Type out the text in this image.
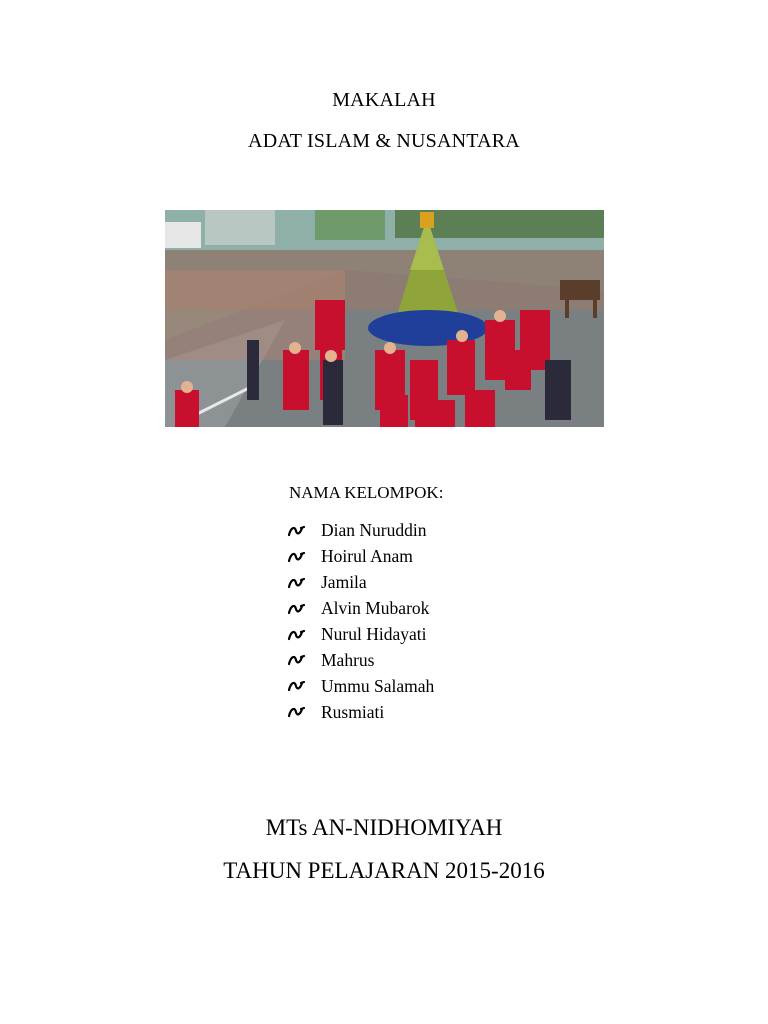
MAKALAH
ADAT ISLAM & NUSANTARA
NAMA KELOMPOK:
Dian Nuruddin
Hoirul Anam
Jamila
Alvin Mubarok
Nurul Hidayati
Mahrus
Ummu Salamah
Rusmiati
MTs AN-NIDHOMIYAH
TAHUN PELAJARAN 2015-2016
